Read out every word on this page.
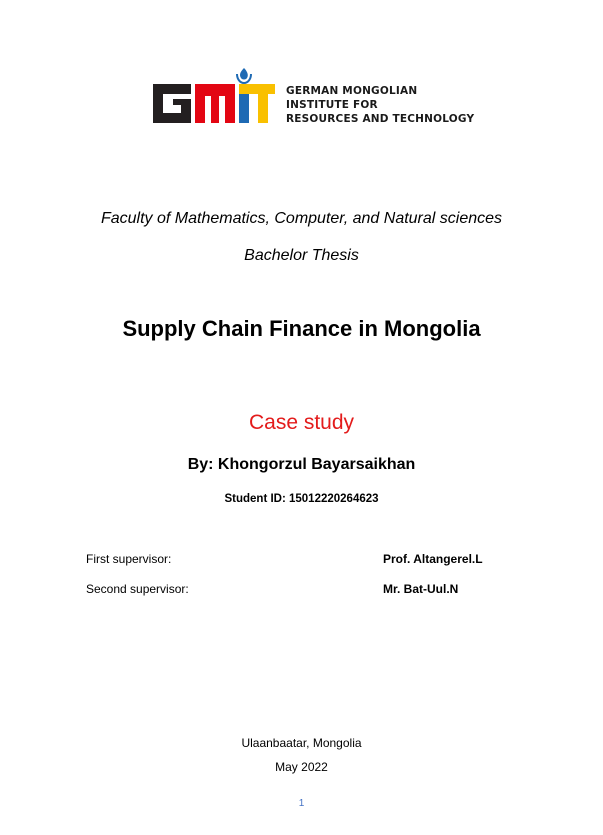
GERMAN MONGOLIAN
INSTITUTE FOR
RESOURCES AND TECHNOLOGY
Faculty of Mathematics, Computer, and Natural sciences
Bachelor Thesis
Supply Chain Finance in Mongolia
Case study
By: Khongorzul Bayarsaikhan
Student ID: 15012220264623
First supervisor:	Prof. Altangerel.L
Second supervisor:	Mr. Bat-Uul.N
Ulaanbaatar, Mongolia
May 2022
1
